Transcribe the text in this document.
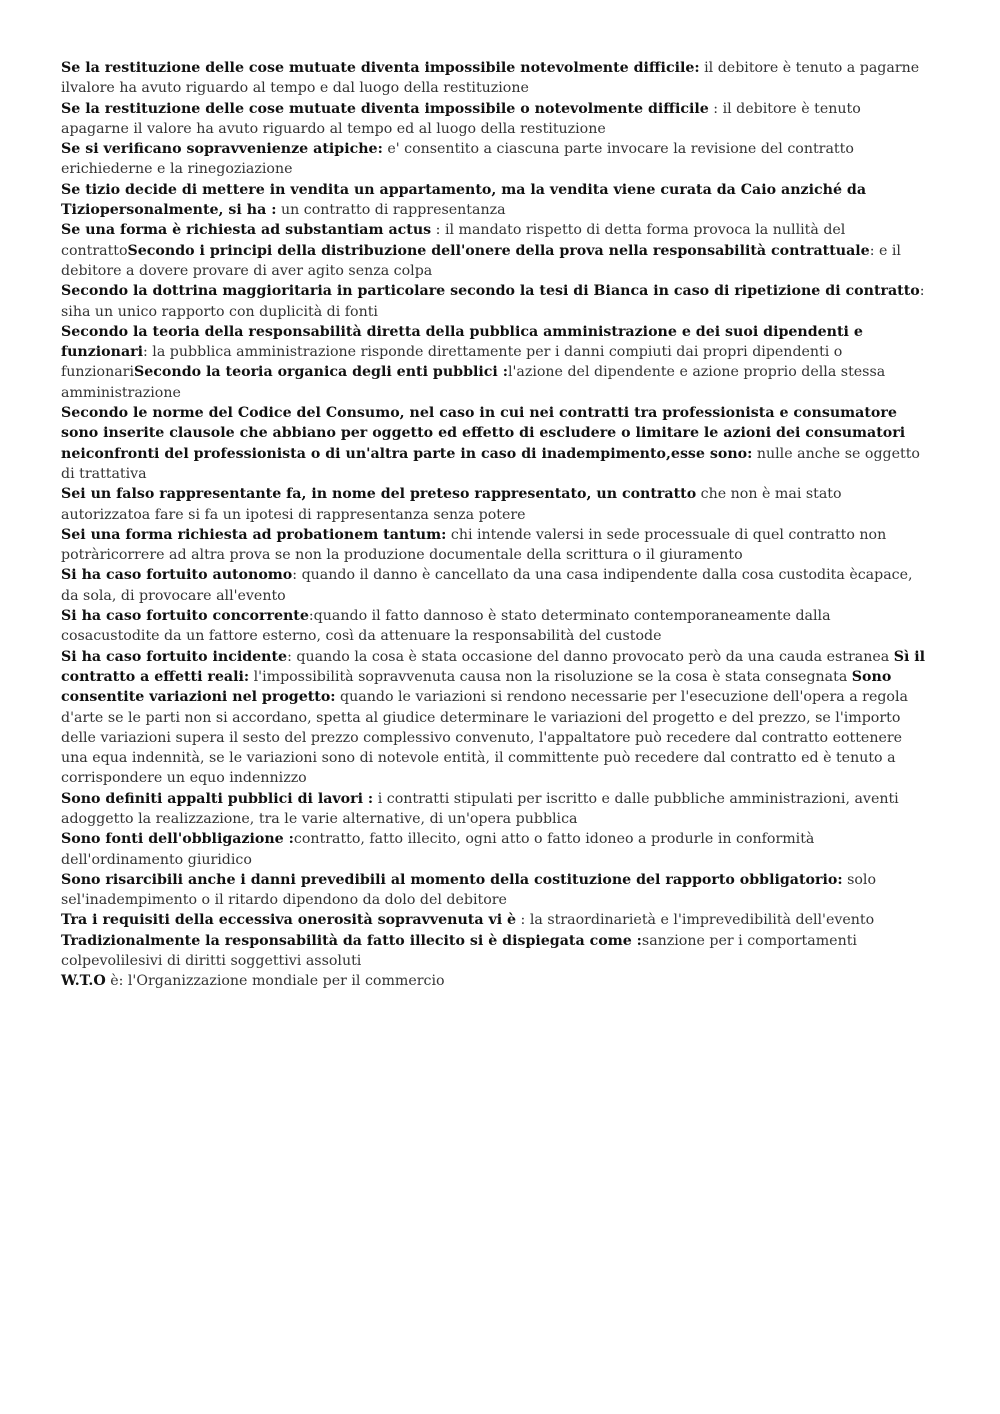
Se la restituzione delle cose mutuate diventa impossibile notevolmente difficile: il debitore è tenuto a pagarne ilvalore ha avuto riguardo al tempo e dal luogo della restituzione

Se la restituzione delle cose mutuate diventa impossibile o notevolmente difficile : il debitore è tenuto apagarne il valore ha avuto riguardo al tempo ed al luogo della restituzione

Se si verificano sopravvenienze atipiche: e' consentito a ciascuna parte invocare la revisione del contratto erichiederne e la rinegoziazione

Se tizio decide di mettere in vendita un appartamento, ma la vendita viene curata da Caio anziché da Tiziopersonalmente, si ha : un contratto di rappresentanza

Se una forma è richiesta ad substantiam actus : il mandato rispetto di detta forma provoca la nullità del contrattoSecondo i principi della distribuzione dell'onere della prova nella responsabilità contrattuale: e il debitore a dovere provare di aver agito senza colpa

Secondo la dottrina maggioritaria in particolare secondo la tesi di Bianca in caso di ripetizione di contratto: siha un unico rapporto con duplicità di fonti

Secondo la teoria della responsabilità diretta della pubblica amministrazione e dei suoi dipendenti e funzionari: la pubblica amministrazione risponde direttamente per i danni compiuti dai propri dipendenti o funzionariSecondo la teoria organica degli enti pubblici :l'azione del dipendente e azione proprio della stessa amministrazione

Secondo le norme del Codice del Consumo, nel caso in cui nei contratti tra professionista e consumatore sono inserite clausole che abbiano per oggetto ed effetto di escludere o limitare le azioni dei consumatori neiconfronti del professionista o di un'altra parte in caso di inadempimento,esse sono: nulle anche se oggetto di trattativa

Sei un falso rappresentante fa, in nome del preteso rappresentato, un contratto che non è mai stato autorizzatoa fare si fa un ipotesi di rappresentanza senza potere

Sei una forma richiesta ad probationem tantum: chi intende valersi in sede processuale di quel contratto non potràricorrere ad altra prova se non la produzione documentale della scrittura o il giuramento

Si ha caso fortuito autonomo: quando il danno è cancellato da una casa indipendente dalla cosa custodita ècapace, da sola, di provocare all'evento

Si ha caso fortuito concorrente:quando il fatto dannoso è stato determinato contemporaneamente dalla cosacustodite da un fattore esterno, così da attenuare la responsabilità del custode

Si ha caso fortuito incidente: quando la cosa è stata occasione del danno provocato però da una cauda estranea Sì il contratto a effetti reali: l'impossibilità sopravvenuta causa non la risoluzione se la cosa è stata consegnata Sono consentite variazioni nel progetto: quando le variazioni si rendono necessarie per l'esecuzione dell'opera a regola d'arte se le parti non si accordano, spetta al giudice determinare le variazioni del progetto e del prezzo, se l'importo delle variazioni supera il sesto del prezzo complessivo convenuto, l'appaltatore può recedere dal contratto eottenere una equa indennità, se le variazioni sono di notevole entità, il committente può recedere dal contratto ed è tenuto a corrispondere un equo indennizzo

Sono definiti appalti pubblici di lavori : i contratti stipulati per iscritto e dalle pubbliche amministrazioni, aventi adoggetto la realizzazione, tra le varie alternative, di un'opera pubblica

Sono fonti dell'obbligazione :contratto, fatto illecito, ogni atto o fatto idoneo a produrle in conformità dell'ordinamento giuridico

Sono risarcibili anche i danni prevedibili al momento della costituzione del rapporto obbligatorio: solo sel'inadempimento o il ritardo dipendono da dolo del debitore

Tra i requisiti della eccessiva onerosità sopravvenuta vi è : la straordinarietà e l'imprevedibilità dell'evento Tradizionalmente la responsabilità da fatto illecito si è dispiegata come :sanzione per i comportamenti colpevolilesivi di diritti soggettivi assoluti

W.T.O è: l'Organizzazione mondiale per il commercio
